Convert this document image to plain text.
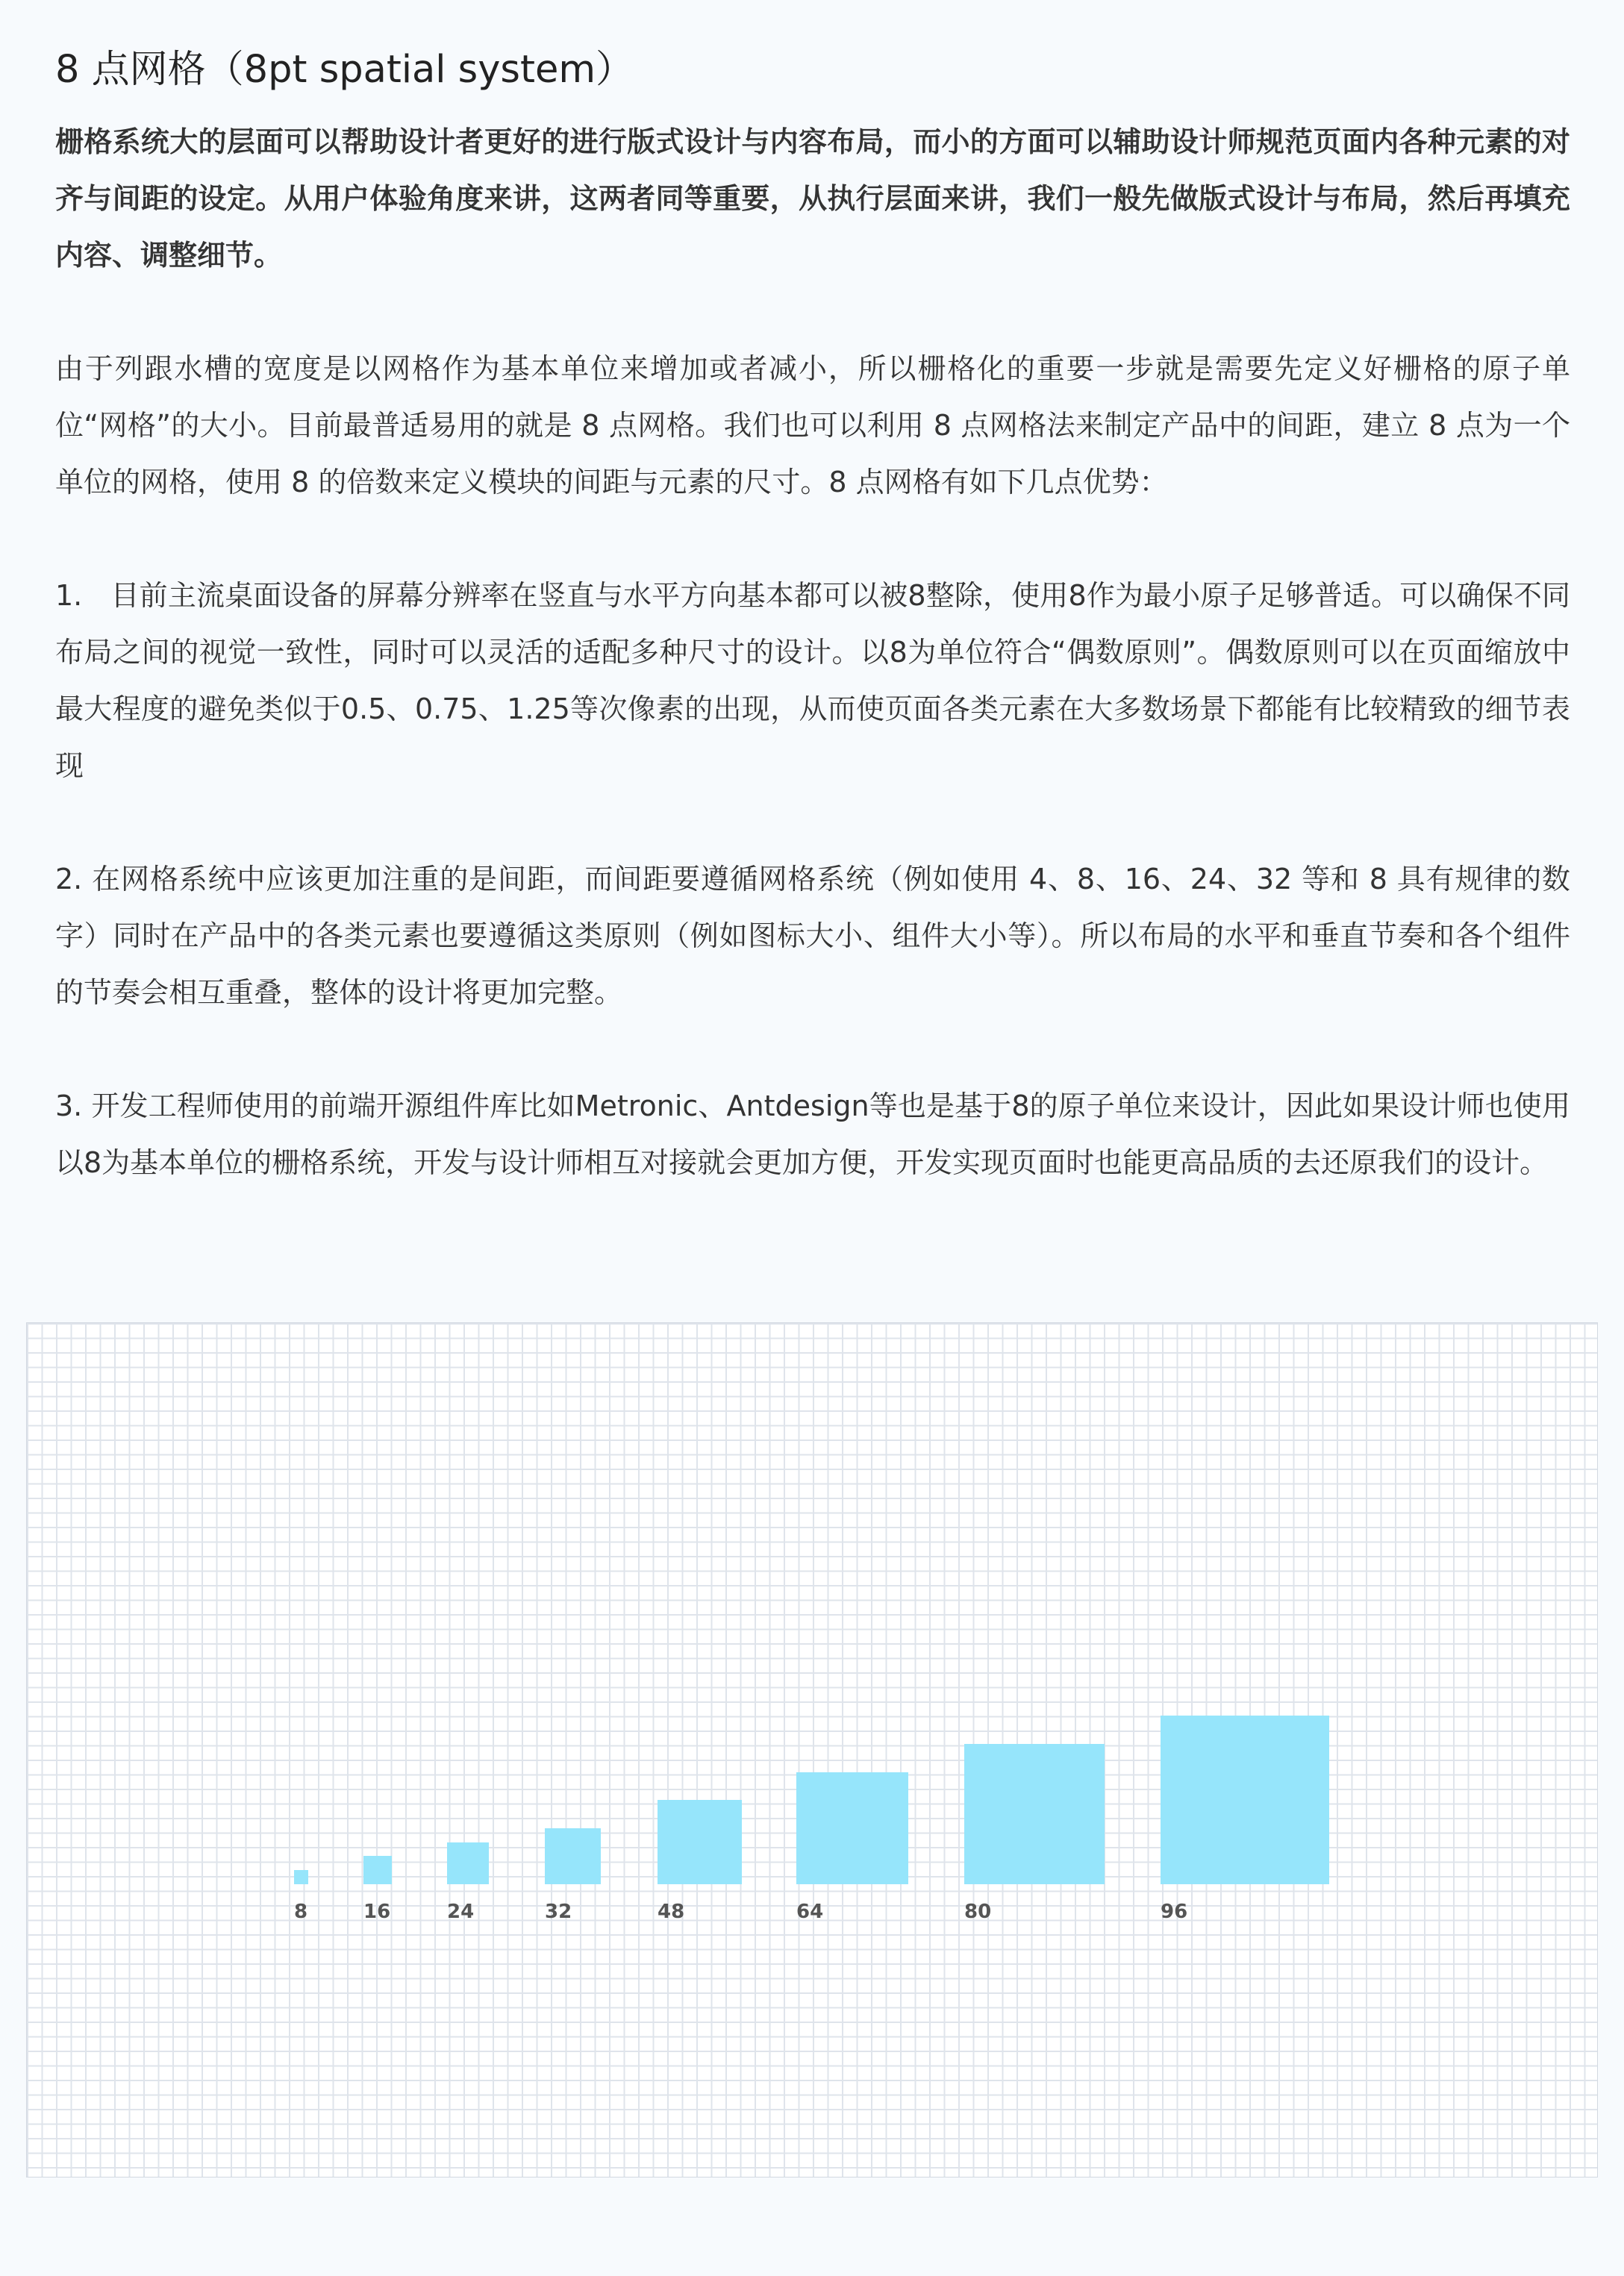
8 点网格（8pt spatial system）

栅格系统大的层面可以帮助设计者更好的进行版式设计与内容布局，而小的方面可以辅助设计师规范页面内各种元素的对齐与间距的设定。从用户体验角度来讲，这两者同等重要，从执行层面来讲，我们一般先做版式设计与布局，然后再填充内容、调整细节。

由于列跟水槽的宽度是以网格作为基本单位来增加或者减小，所以栅格化的重要一步就是需要先定义好栅格的原子单位“网格”的大小。目前最普适易用的就是 8 点网格。我们也可以利用 8 点网格法来制定产品中的间距，建立 8 点为一个单位的网格，使用 8 的倍数来定义模块的间距与元素的尺寸。8 点网格有如下几点优势：

1.　目前主流桌面设备的屏幕分辨率在竖直与水平方向基本都可以被8整除，使用8作为最小原子足够普适。可以确保不同布局之间的视觉一致性，同时可以灵活的适配多种尺寸的设计。以8为单位符合“偶数原则”。偶数原则可以在页面缩放中最大程度的避免类似于0.5、0.75、1.25等次像素的出现，从而使页面各类元素在大多数场景下都能有比较精致的细节表现

2. 在网格系统中应该更加注重的是间距，而间距要遵循网格系统（例如使用 4、8、16、24、32 等和 8 具有规律的数字）同时在产品中的各类元素也要遵循这类原则（例如图标大小、组件大小等）。所以布局的水平和垂直节奏和各个组件的节奏会相互重叠，整体的设计将更加完整。

3. 开发工程师使用的前端开源组件库比如Metronic、Antdesign等也是基于8的原子单位来设计，因此如果设计师也使用以8为基本单位的栅格系统，开发与设计师相互对接就会更加方便，开发实现页面时也能更高品质的去还原我们的设计。

8	16	24	32	48	64	80	96
